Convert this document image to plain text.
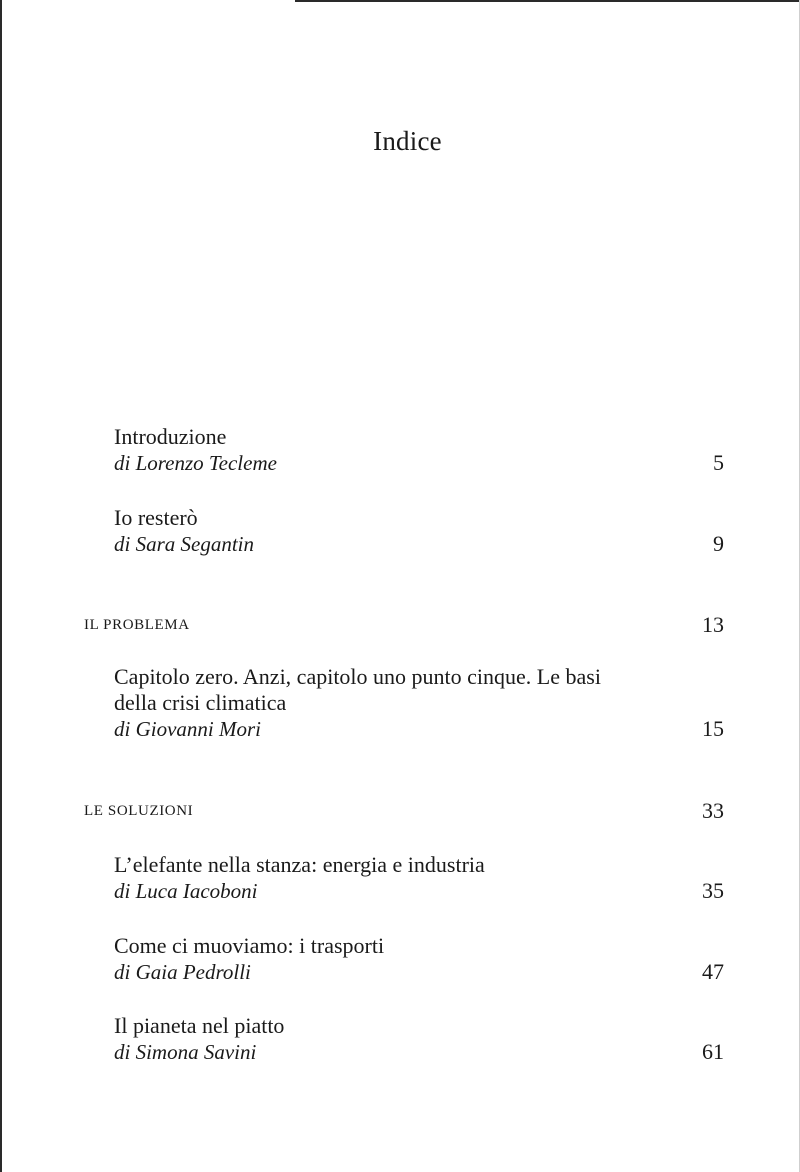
Indice
Introduzione
di Lorenzo Tecleme	5
Io resterò
di Sara Segantin	9
IL PROBLEMA	13
Capitolo zero. Anzi, capitolo uno punto cinque. Le basi
della crisi climatica
di Giovanni Mori	15
LE SOLUZIONI	33
L’elefante nella stanza: energia e industria
di Luca Iacoboni	35
Come ci muoviamo: i trasporti
di Gaia Pedrolli	47
Il pianeta nel piatto
di Simona Savini	61
